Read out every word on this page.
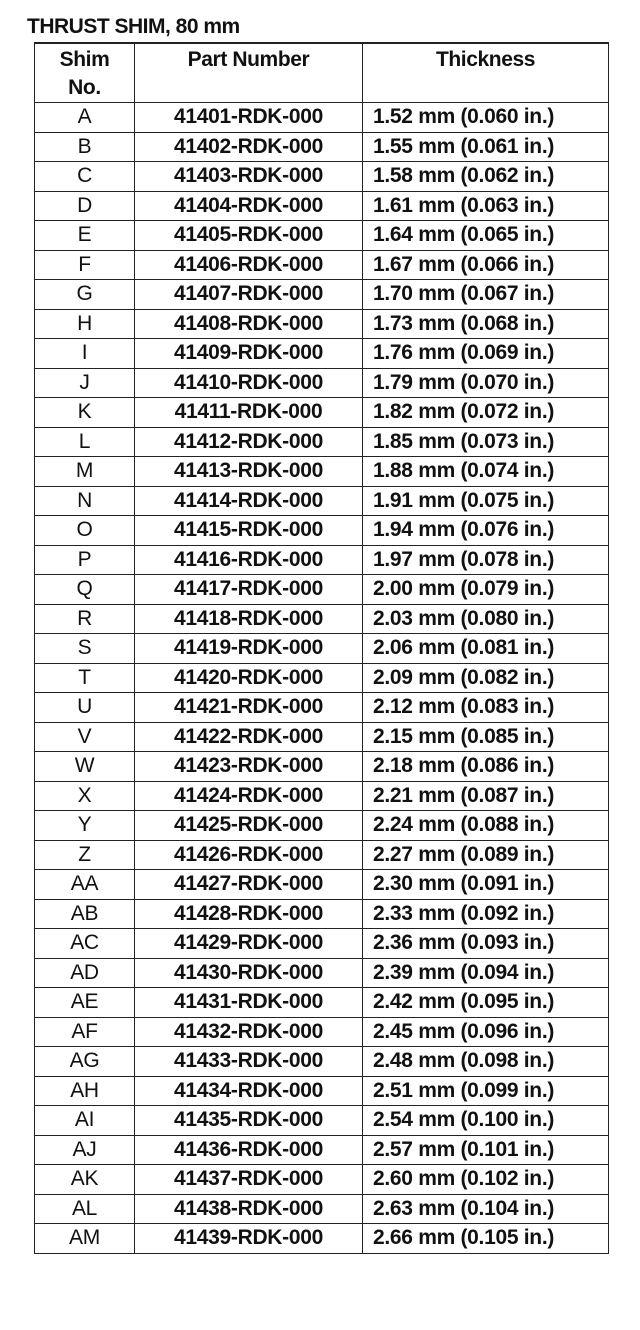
THRUST SHIM, 80 mm
Shim
No.	Part Number	Thickness
A	41401-RDK-000	1.52 mm (0.060 in.)
B	41402-RDK-000	1.55 mm (0.061 in.)
C	41403-RDK-000	1.58 mm (0.062 in.)
D	41404-RDK-000	1.61 mm (0.063 in.)
E	41405-RDK-000	1.64 mm (0.065 in.)
F	41406-RDK-000	1.67 mm (0.066 in.)
G	41407-RDK-000	1.70 mm (0.067 in.)
H	41408-RDK-000	1.73 mm (0.068 in.)
I	41409-RDK-000	1.76 mm (0.069 in.)
J	41410-RDK-000	1.79 mm (0.070 in.)
K	41411-RDK-000	1.82 mm (0.072 in.)
L	41412-RDK-000	1.85 mm (0.073 in.)
M	41413-RDK-000	1.88 mm (0.074 in.)
N	41414-RDK-000	1.91 mm (0.075 in.)
O	41415-RDK-000	1.94 mm (0.076 in.)
P	41416-RDK-000	1.97 mm (0.078 in.)
Q	41417-RDK-000	2.00 mm (0.079 in.)
R	41418-RDK-000	2.03 mm (0.080 in.)
S	41419-RDK-000	2.06 mm (0.081 in.)
T	41420-RDK-000	2.09 mm (0.082 in.)
U	41421-RDK-000	2.12 mm (0.083 in.)
V	41422-RDK-000	2.15 mm (0.085 in.)
W	41423-RDK-000	2.18 mm (0.086 in.)
X	41424-RDK-000	2.21 mm (0.087 in.)
Y	41425-RDK-000	2.24 mm (0.088 in.)
Z	41426-RDK-000	2.27 mm (0.089 in.)
AA	41427-RDK-000	2.30 mm (0.091 in.)
AB	41428-RDK-000	2.33 mm (0.092 in.)
AC	41429-RDK-000	2.36 mm (0.093 in.)
AD	41430-RDK-000	2.39 mm (0.094 in.)
AE	41431-RDK-000	2.42 mm (0.095 in.)
AF	41432-RDK-000	2.45 mm (0.096 in.)
AG	41433-RDK-000	2.48 mm (0.098 in.)
AH	41434-RDK-000	2.51 mm (0.099 in.)
AI	41435-RDK-000	2.54 mm (0.100 in.)
AJ	41436-RDK-000	2.57 mm (0.101 in.)
AK	41437-RDK-000	2.60 mm (0.102 in.)
AL	41438-RDK-000	2.63 mm (0.104 in.)
AM	41439-RDK-000	2.66 mm (0.105 in.)
